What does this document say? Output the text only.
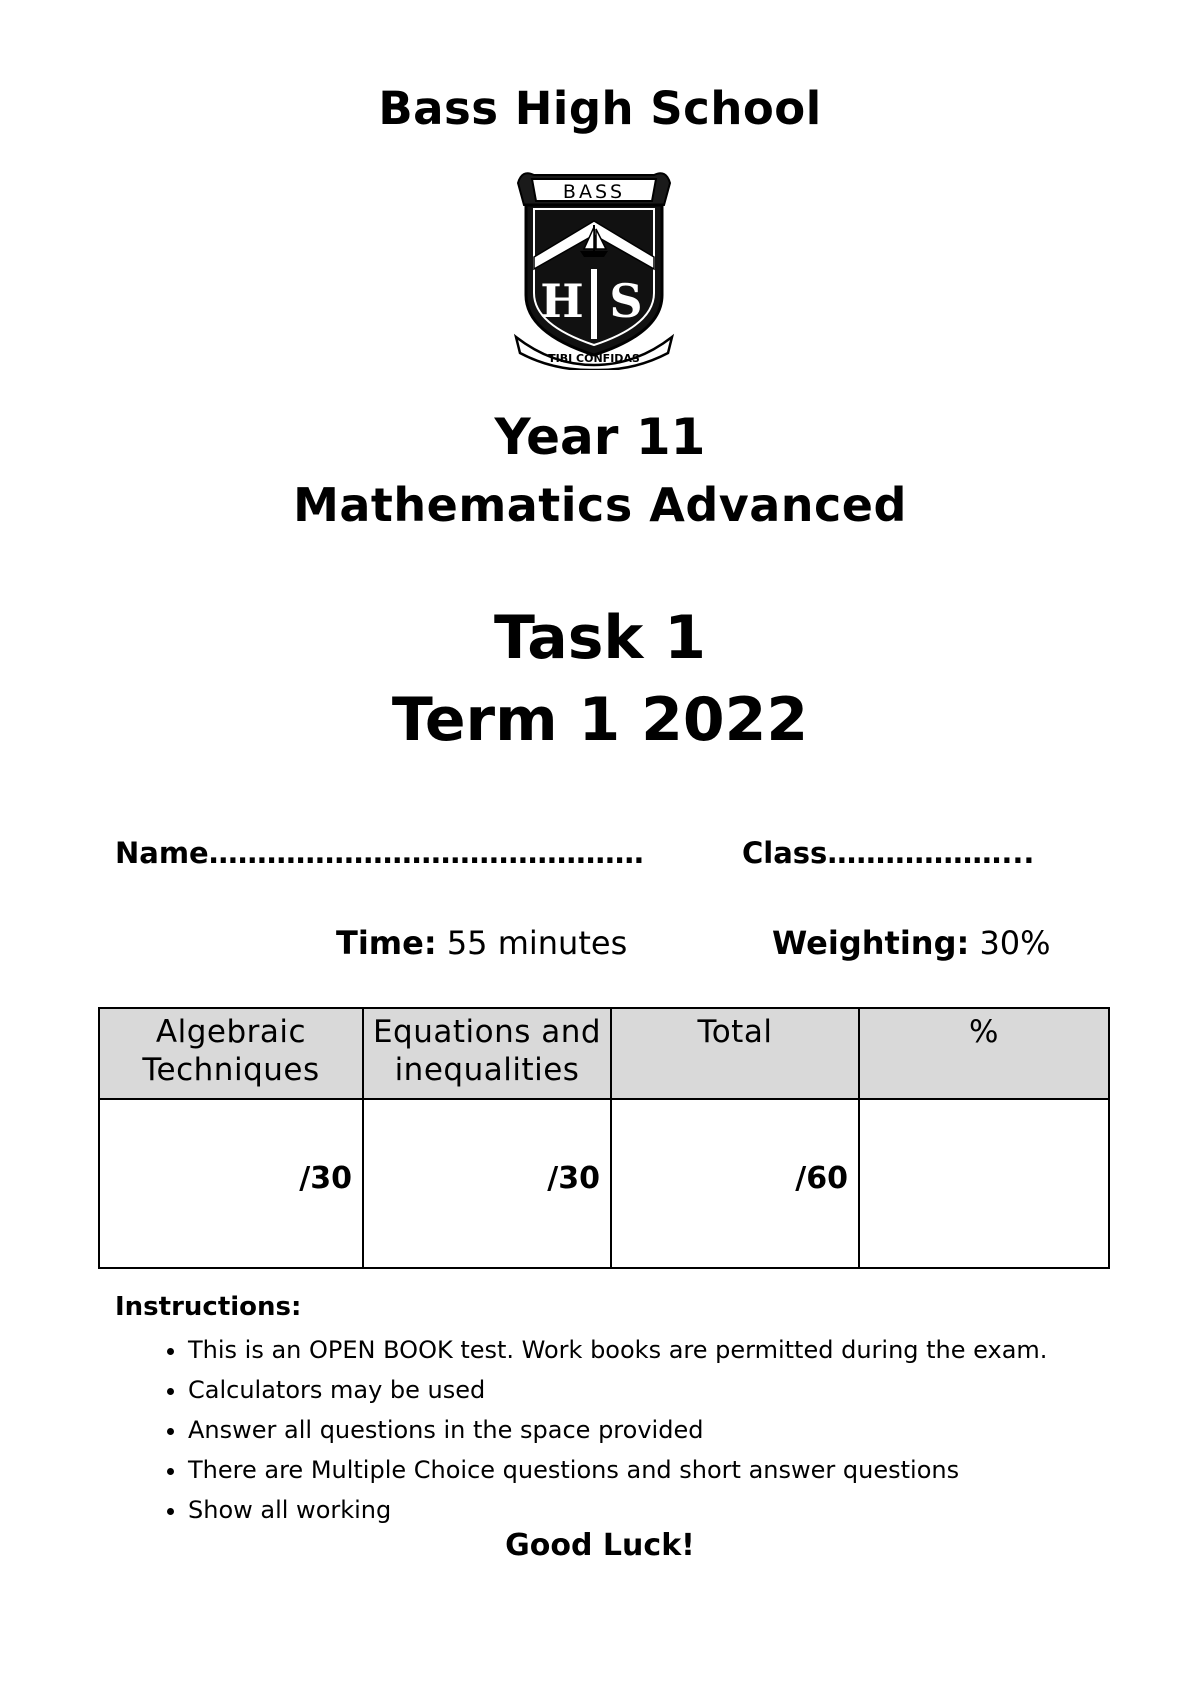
Bass High School
BASS
H S
TIBI CONFIDAS
Year 11
Mathematics Advanced
Task 1
Term 1 2022
Name………………………………………	Class………………...
Time: 55 minutes	Weighting: 30%
Algebraic Techniques	Equations and inequalities	Total	%
/30	/30	/60	
Instructions:
• This is an OPEN BOOK test. Work books are permitted during the exam.
• Calculators may be used
• Answer all questions in the space provided
• There are Multiple Choice questions and short answer questions
• Show all working
Good Luck!
